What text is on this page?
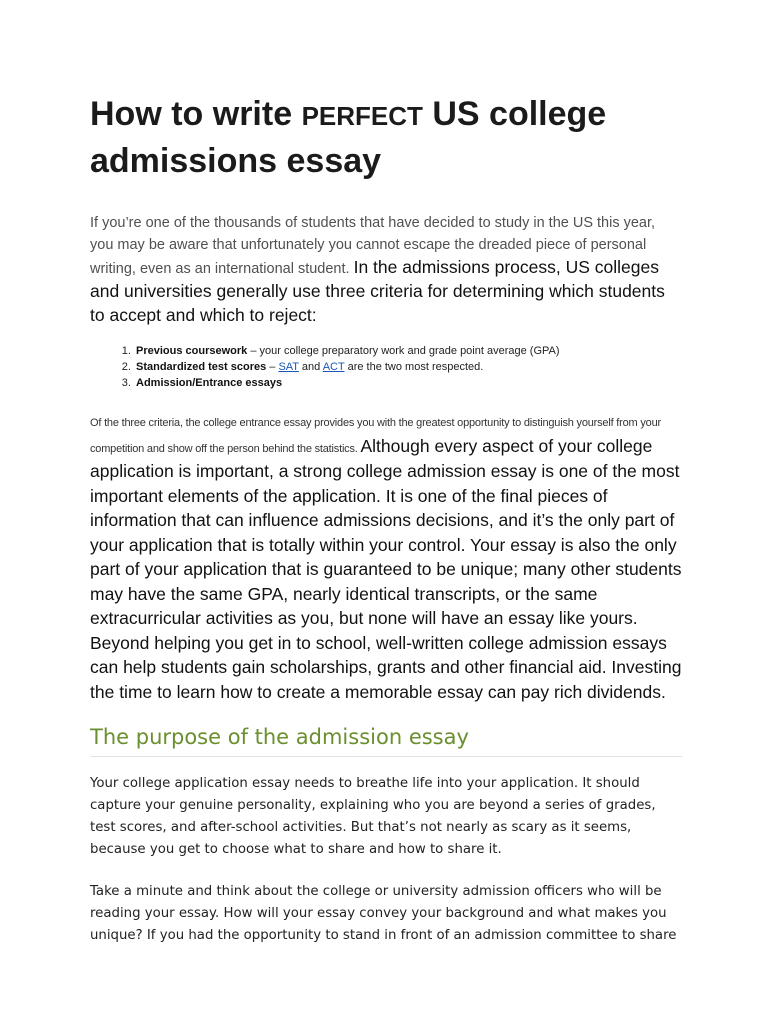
How to write PERFECT US college admissions essay

If you’re one of the thousands of students that have decided to study in the US this year, you may be aware that unfortunately you cannot escape the dreaded piece of personal writing, even as an international student. In the admissions process, US colleges and universities generally use three criteria for determining which students to accept and which to reject:

1. Previous coursework – your college preparatory work and grade point average (GPA)
2. Standardized test scores – SAT and ACT are the two most respected.
3. Admission/Entrance essays

Of the three criteria, the college entrance essay provides you with the greatest opportunity to distinguish yourself from your competition and show off the person behind the statistics. Although every aspect of your college application is important, a strong college admission essay is one of the most important elements of the application. It is one of the final pieces of information that can influence admissions decisions, and it’s the only part of your application that is totally within your control. Your essay is also the only part of your application that is guaranteed to be unique; many other students may have the same GPA, nearly identical transcripts, or the same extracurricular activities as you, but none will have an essay like yours. Beyond helping you get in to school, well-written college admission essays can help students gain scholarships, grants and other financial aid. Investing the time to learn how to create a memorable essay can pay rich dividends.

The purpose of the admission essay

Your college application essay needs to breathe life into your application. It should capture your genuine personality, explaining who you are beyond a series of grades, test scores, and after-school activities. But that’s not nearly as scary as it seems, because you get to choose what to share and how to share it.

Take a minute and think about the college or university admission officers who will be reading your essay. How will your essay convey your background and what makes you unique? If you had the opportunity to stand in front of an admission committee to share
